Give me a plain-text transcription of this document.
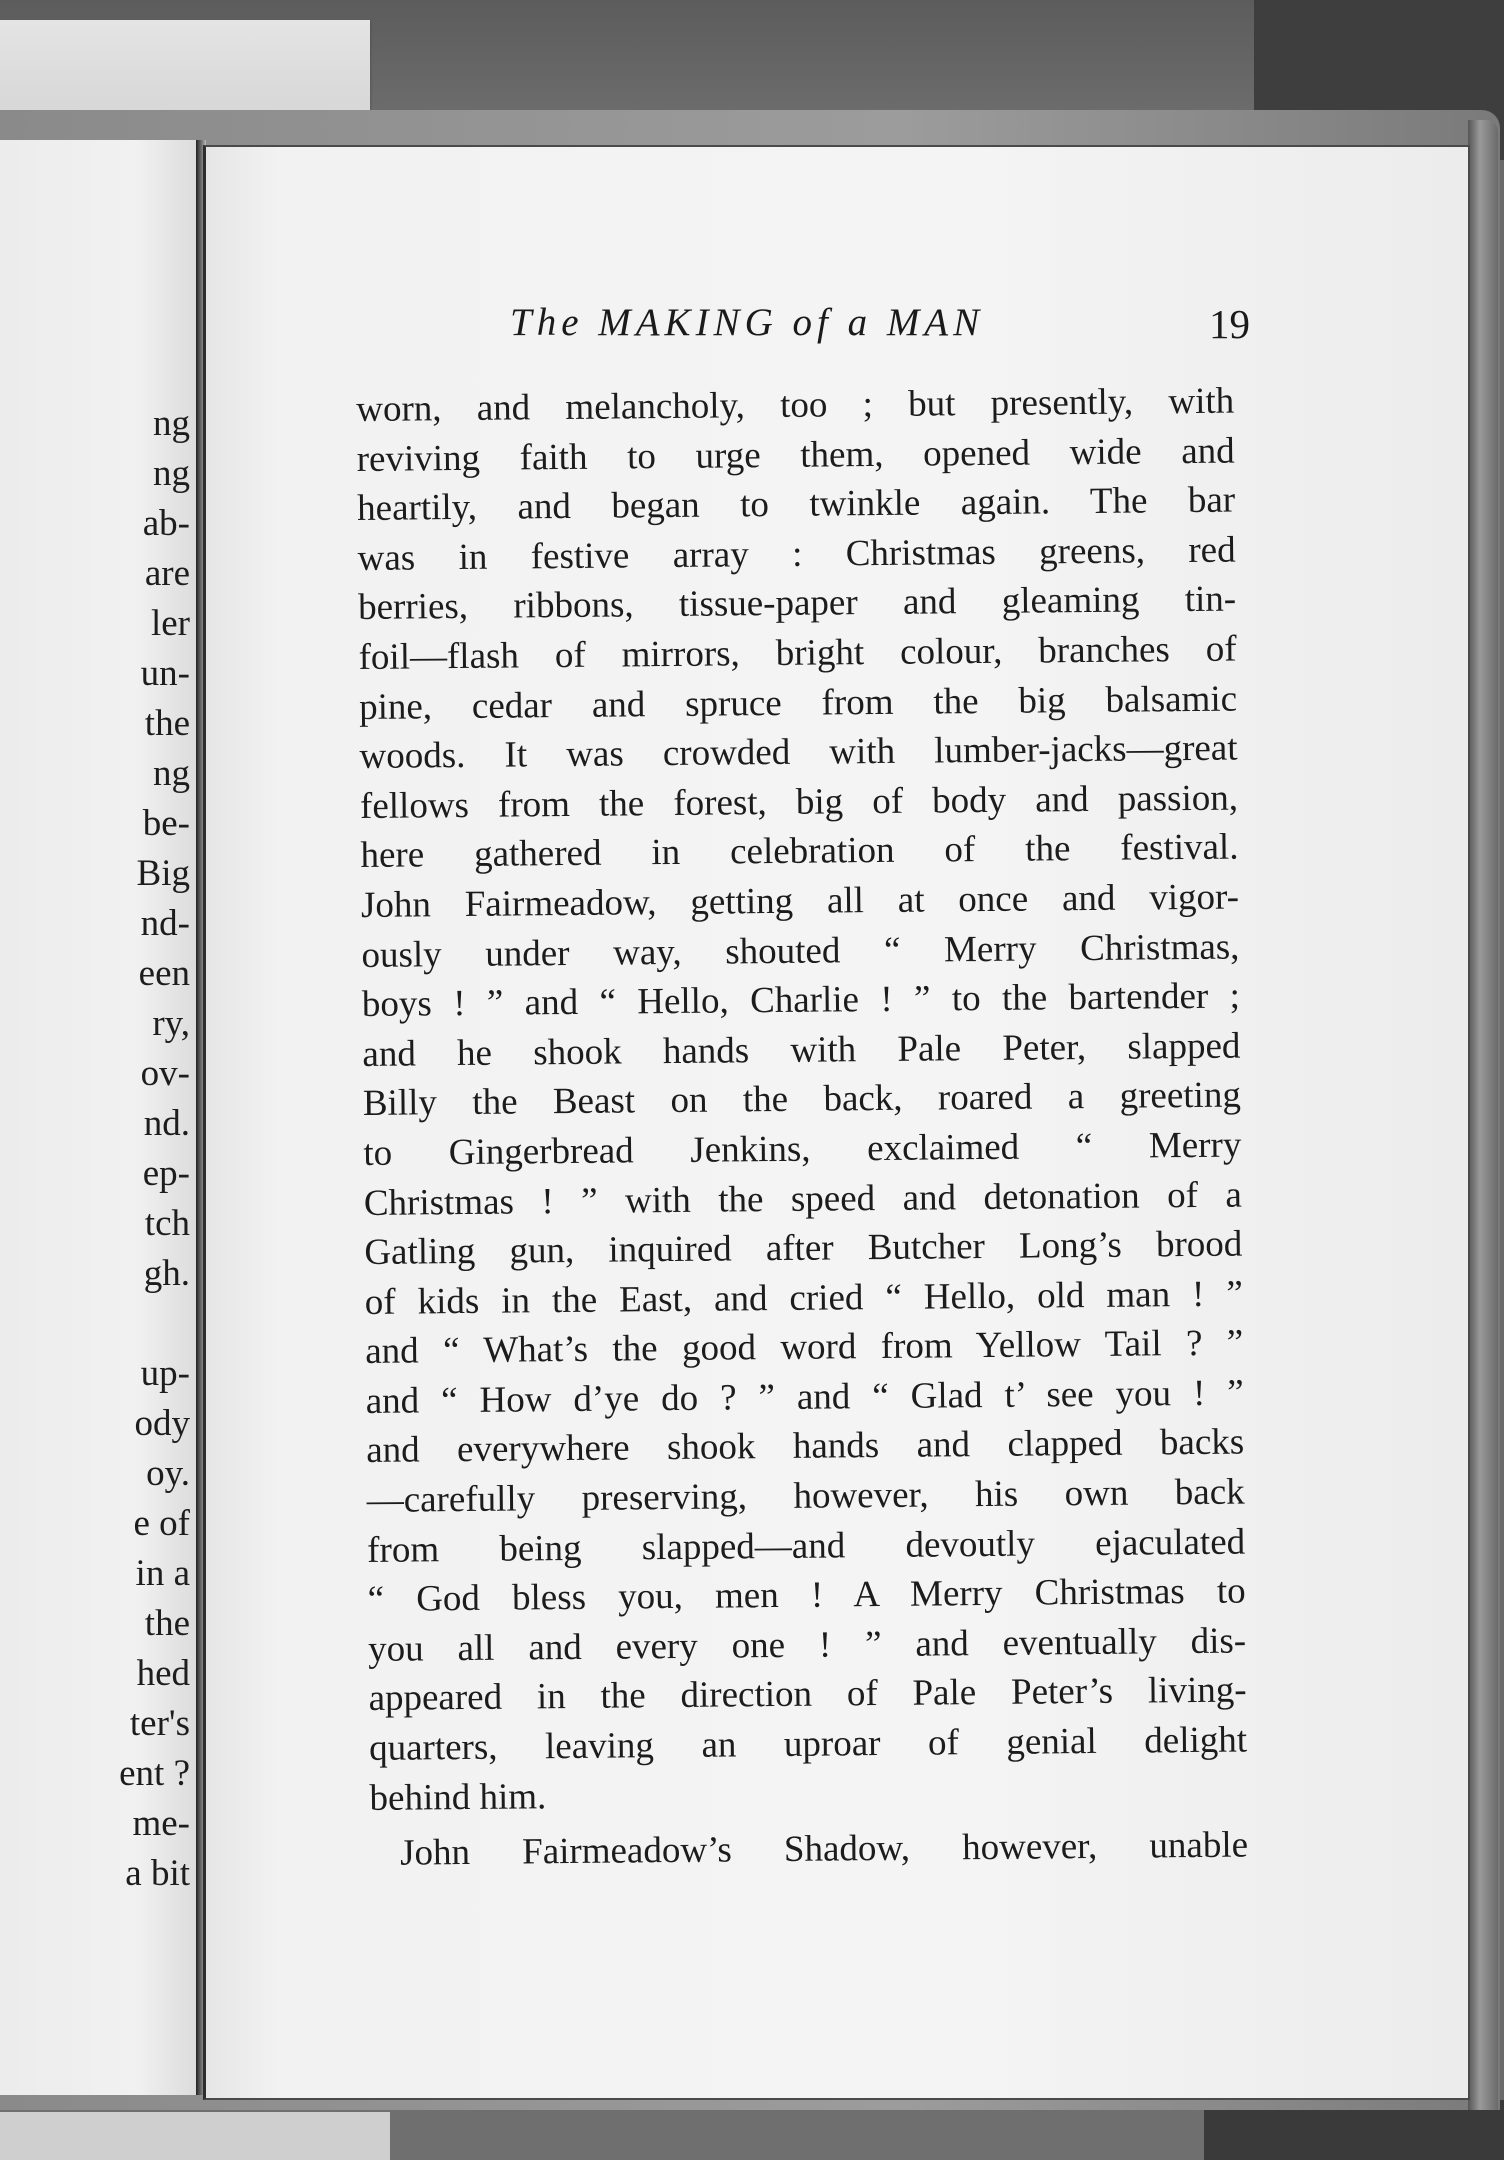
ng
ng
ab-
are
ler
un-
the
ng
be-
Big
nd-
een
ry,
ov-
nd.
ep-
tch
gh.
up-
ody
oy.
e of
in a
the
hed
ter's
ent ?
me-
a bit
The MAKING of a MAN	19
worn, and melancholy, too ; but presently, with
reviving faith to urge them, opened wide and
heartily, and began to twinkle again. The bar
was in festive array : Christmas greens, red
berries, ribbons, tissue-paper and gleaming tin-
foil—flash of mirrors, bright colour, branches of
pine, cedar and spruce from the big balsamic
woods. It was crowded with lumber-jacks—great
fellows from the forest, big of body and passion,
here gathered in celebration of the festival.
John Fairmeadow, getting all at once and vigor-
ously under way, shouted “ Merry Christmas,
boys ! ” and “ Hello, Charlie ! ” to the bartender ;
and he shook hands with Pale Peter, slapped
Billy the Beast on the back, roared a greeting
to Gingerbread Jenkins, exclaimed “ Merry
Christmas ! ” with the speed and detonation of a
Gatling gun, inquired after Butcher Long’s brood
of kids in the East, and cried “ Hello, old man ! ”
and “ What’s the good word from Yellow Tail ? ”
and “ How d’ye do ? ” and “ Glad t’ see you ! ”
and everywhere shook hands and clapped backs
—carefully preserving, however, his own back
from being slapped—and devoutly ejaculated
“ God bless you, men ! A Merry Christmas to
you all and every one ! ” and eventually dis-
appeared in the direction of Pale Peter’s living-
quarters, leaving an uproar of genial delight
behind him.
John Fairmeadow’s Shadow, however, unable
